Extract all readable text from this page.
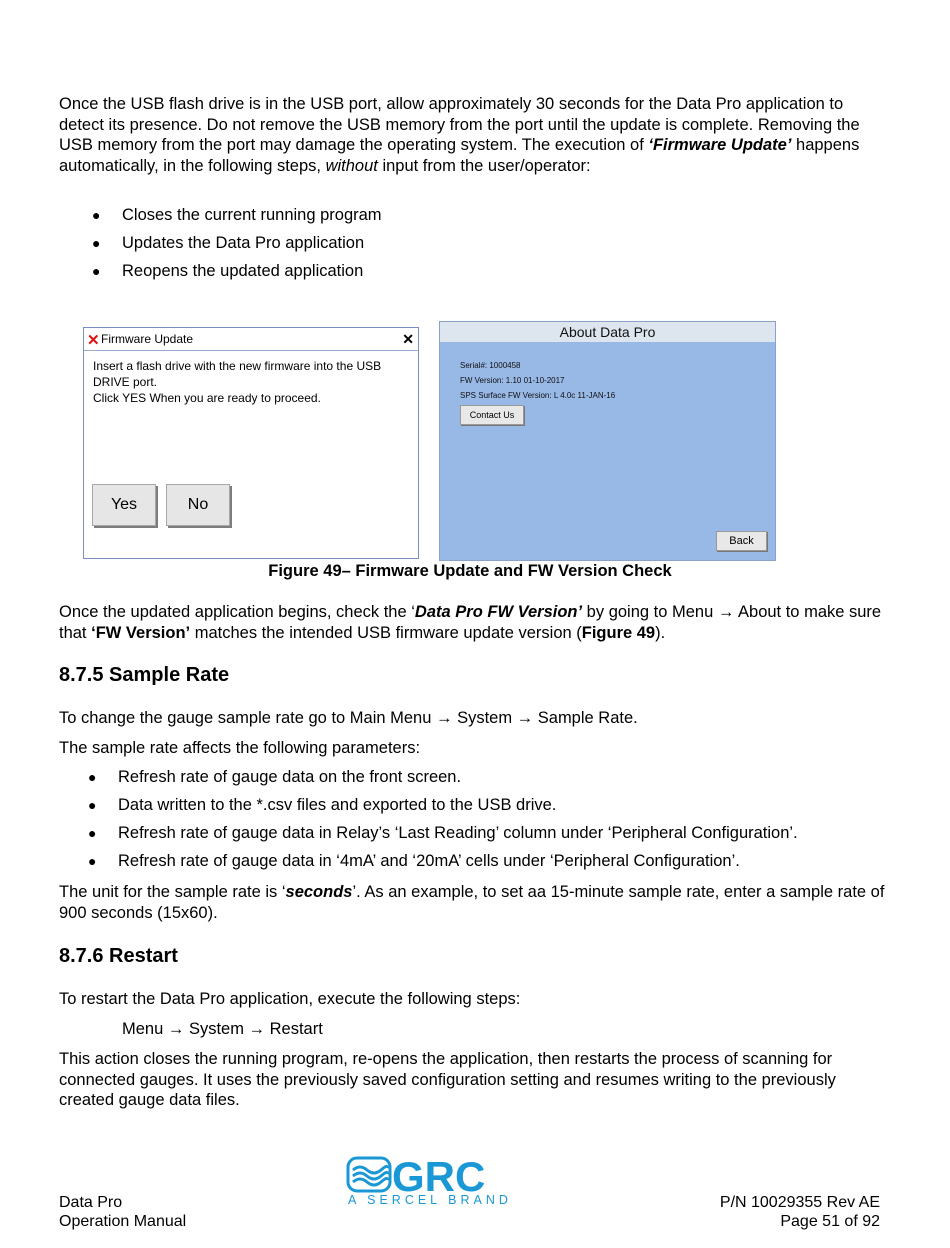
Once the USB flash drive is in the USB port, allow approximately 30 seconds for the Data Pro application to detect its presence. Do not remove the USB memory from the port until the update is complete. Removing the USB memory from the port may damage the operating system. The execution of ‘Firmware Update’ happens automatically, in the following steps, without input from the user/operator:
● Closes the current running program
● Updates the Data Pro application
● Reopens the updated application
✕ Firmware Update	✕
Insert a flash drive with the new firmware into the USB
DRIVE port.
Click YES When you are ready to proceed.
Yes	No
About Data Pro
Serial#: 1000458
FW Version: 1.10 01-10-2017
SPS Surface FW Version: L 4.0c 11-JAN-16
Contact Us
Back
Figure 49– Firmware Update and FW Version Check
Once the updated application begins, check the ‘Data Pro FW Version’ by going to Menu → About to make sure that ‘FW Version’ matches the intended USB firmware update version (Figure 49).
8.7.5 Sample Rate
To change the gauge sample rate go to Main Menu → System → Sample Rate.
The sample rate affects the following parameters:
● Refresh rate of gauge data on the front screen.
● Data written to the *.csv files and exported to the USB drive.
● Refresh rate of gauge data in Relay’s ‘Last Reading’ column under ‘Peripheral Configuration’.
● Refresh rate of gauge data in ‘4mA’ and ‘20mA’ cells under ‘Peripheral Configuration’.
The unit for the sample rate is ‘seconds’. As an example, to set aa 15-minute sample rate, enter a sample rate of 900 seconds (15x60).
8.7.6 Restart
To restart the Data Pro application, execute the following steps:
Menu → System → Restart
This action closes the running program, re-opens the application, then restarts the process of scanning for connected gauges. It uses the previously saved configuration setting and resumes writing to the previously created gauge data files.
Data Pro
Operation Manual
GRC
A SERCEL BRAND	P/N 10029355 Rev AE
Page 51 of 92
